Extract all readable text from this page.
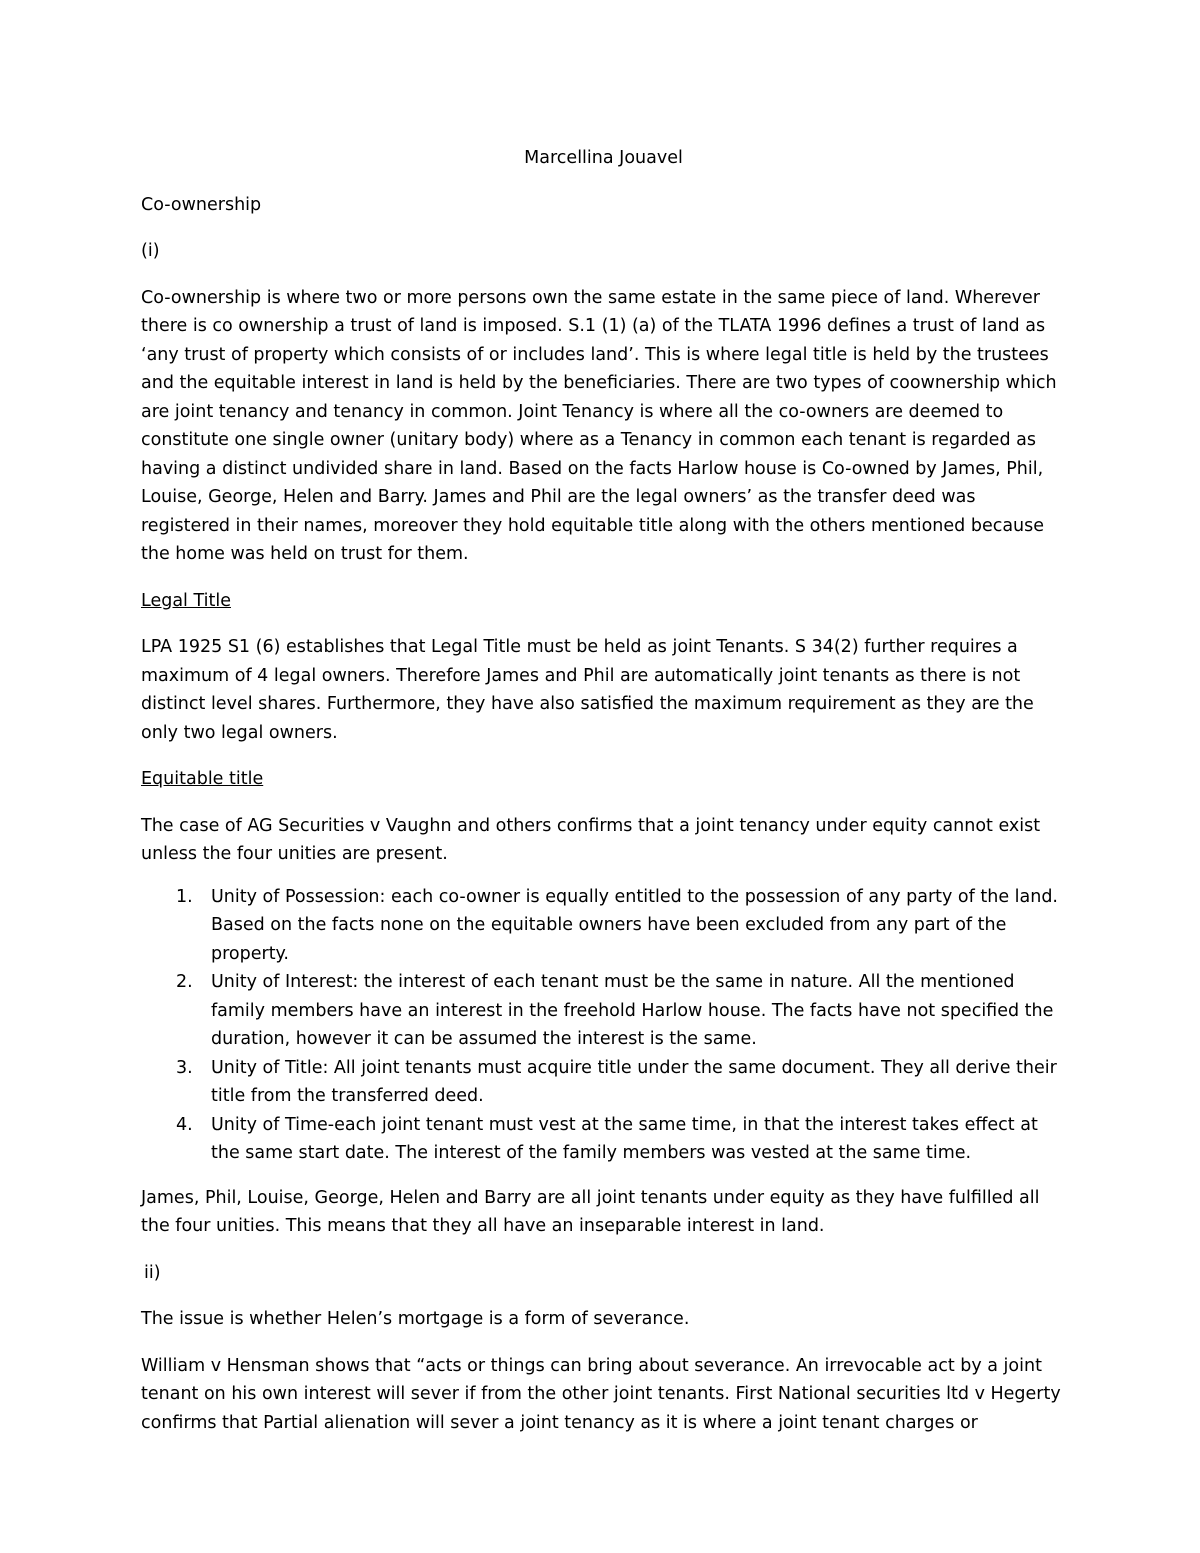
Marcellina Jouavel

Co-ownership

(i)

Co-ownership is where two or more persons own the same estate in the same piece of land. Wherever there is co ownership a trust of land is imposed. S.1 (1) (a) of the TLATA 1996 defines a trust of land as ‘any trust of property which consists of or includes land’. This is where legal title is held by the trustees and the equitable interest in land is held by the beneficiaries. There are two types of coownership which are joint tenancy and tenancy in common. Joint Tenancy is where all the co-owners are deemed to constitute one single owner (unitary body) where as a Tenancy in common each tenant is regarded as having a distinct undivided share in land. Based on the facts Harlow house is Co-owned by James, Phil, Louise, George, Helen and Barry. James and Phil are the legal owners’ as the transfer deed was registered in their names, moreover they hold equitable title along with the others mentioned because the home was held on trust for them.

Legal Title

LPA 1925 S1 (6) establishes that Legal Title must be held as joint Tenants. S 34(2) further requires a maximum of 4 legal owners. Therefore James and Phil are automatically joint tenants as there is not distinct level shares. Furthermore, they have also satisfied the maximum requirement as they are the only two legal owners.

Equitable title

The case of AG Securities v Vaughn and others confirms that a joint tenancy under equity cannot exist unless the four unities are present.

1. Unity of Possession: each co-owner is equally entitled to the possession of any party of the land. Based on the facts none on the equitable owners have been excluded from any part of the property.
2. Unity of Interest: the interest of each tenant must be the same in nature. All the mentioned family members have an interest in the freehold Harlow house. The facts have not specified the duration, however it can be assumed the interest is the same.
3. Unity of Title: All joint tenants must acquire title under the same document. They all derive their title from the transferred deed.
4. Unity of Time-each joint tenant must vest at the same time, in that the interest takes effect at the same start date. The interest of the family members was vested at the same time.

James, Phil, Louise, George, Helen and Barry are all joint tenants under equity as they have fulfilled all the four unities. This means that they all have an inseparable interest in land.

ii)

The issue is whether Helen’s mortgage is a form of severance.

William v Hensman shows that “acts or things can bring about severance. An irrevocable act by a joint tenant on his own interest will sever if from the other joint tenants. First National securities ltd v Hegerty confirms that Partial alienation will sever a joint tenancy as it is where a joint tenant charges or
